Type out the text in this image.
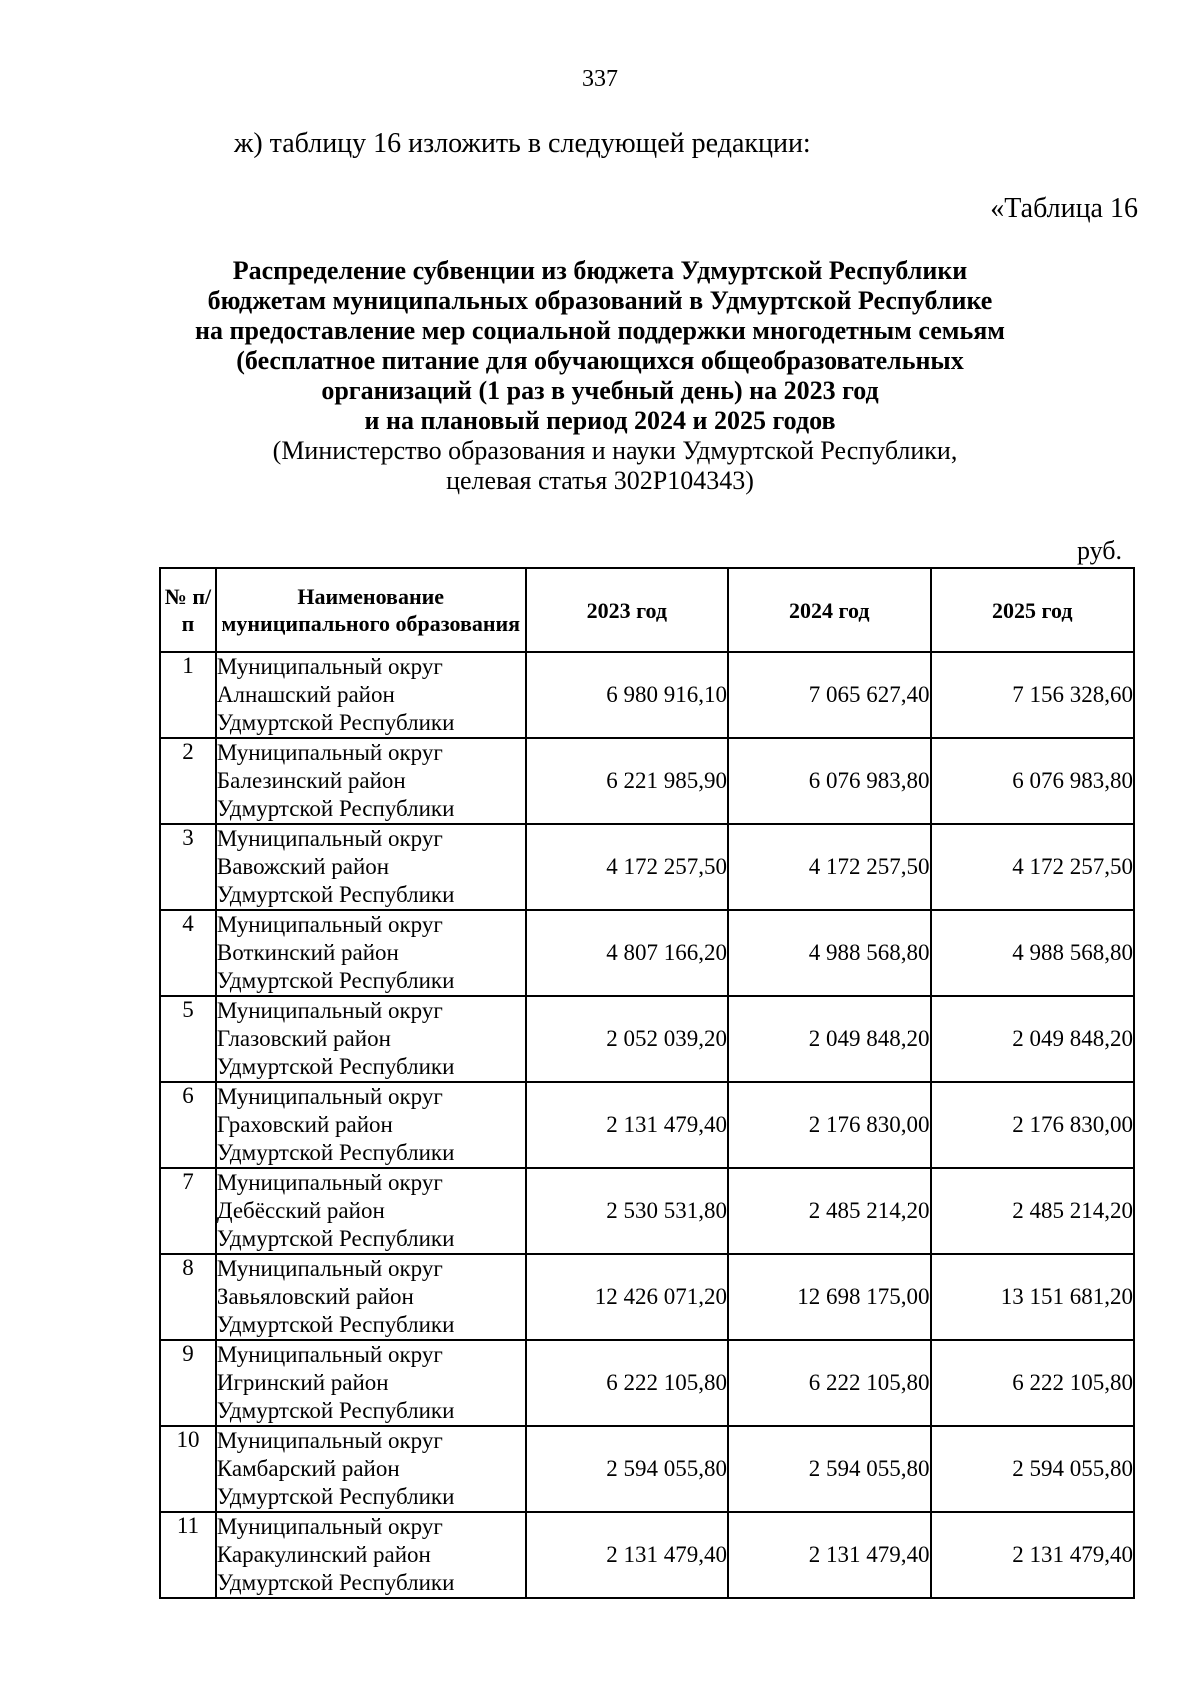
337
ж) таблицу 16 изложить в следующей редакции:
«Таблица 16
Распределение субвенции из бюджета Удмуртской Республики
бюджетам муниципальных образований в Удмуртской Республике
на предоставление мер социальной поддержки многодетным семьям
(бесплатное питание для обучающихся общеобразовательных
организаций (1 раз в учебный день) на 2023 год
и на плановый период 2024 и 2025 годов
(Министерство образования и науки Удмуртской Республики,
целевая статья 302Р104343)
руб.
№ п/п	Наименование муниципального образования	2023 год	2024 год	2025 год
1	Муниципальный округ
Алнашский район
Удмуртской Республики	6 980 916,10	7 065 627,40	7 156 328,60
2	Муниципальный округ
Балезинский район
Удмуртской Республики	6 221 985,90	6 076 983,80	6 076 983,80
3	Муниципальный округ
Вавожский район
Удмуртской Республики	4 172 257,50	4 172 257,50	4 172 257,50
4	Муниципальный округ
Воткинский район
Удмуртской Республики	4 807 166,20	4 988 568,80	4 988 568,80
5	Муниципальный округ
Глазовский район
Удмуртской Республики	2 052 039,20	2 049 848,20	2 049 848,20
6	Муниципальный округ
Граховский район
Удмуртской Республики	2 131 479,40	2 176 830,00	2 176 830,00
7	Муниципальный округ
Дебёсский район
Удмуртской Республики	2 530 531,80	2 485 214,20	2 485 214,20
8	Муниципальный округ
Завьяловский район
Удмуртской Республики	12 426 071,20	12 698 175,00	13 151 681,20
9	Муниципальный округ
Игринский район
Удмуртской Республики	6 222 105,80	6 222 105,80	6 222 105,80
10	Муниципальный округ
Камбарский район
Удмуртской Республики	2 594 055,80	2 594 055,80	2 594 055,80
11	Муниципальный округ
Каракулинский район
Удмуртской Республики	2 131 479,40	2 131 479,40	2 131 479,40
